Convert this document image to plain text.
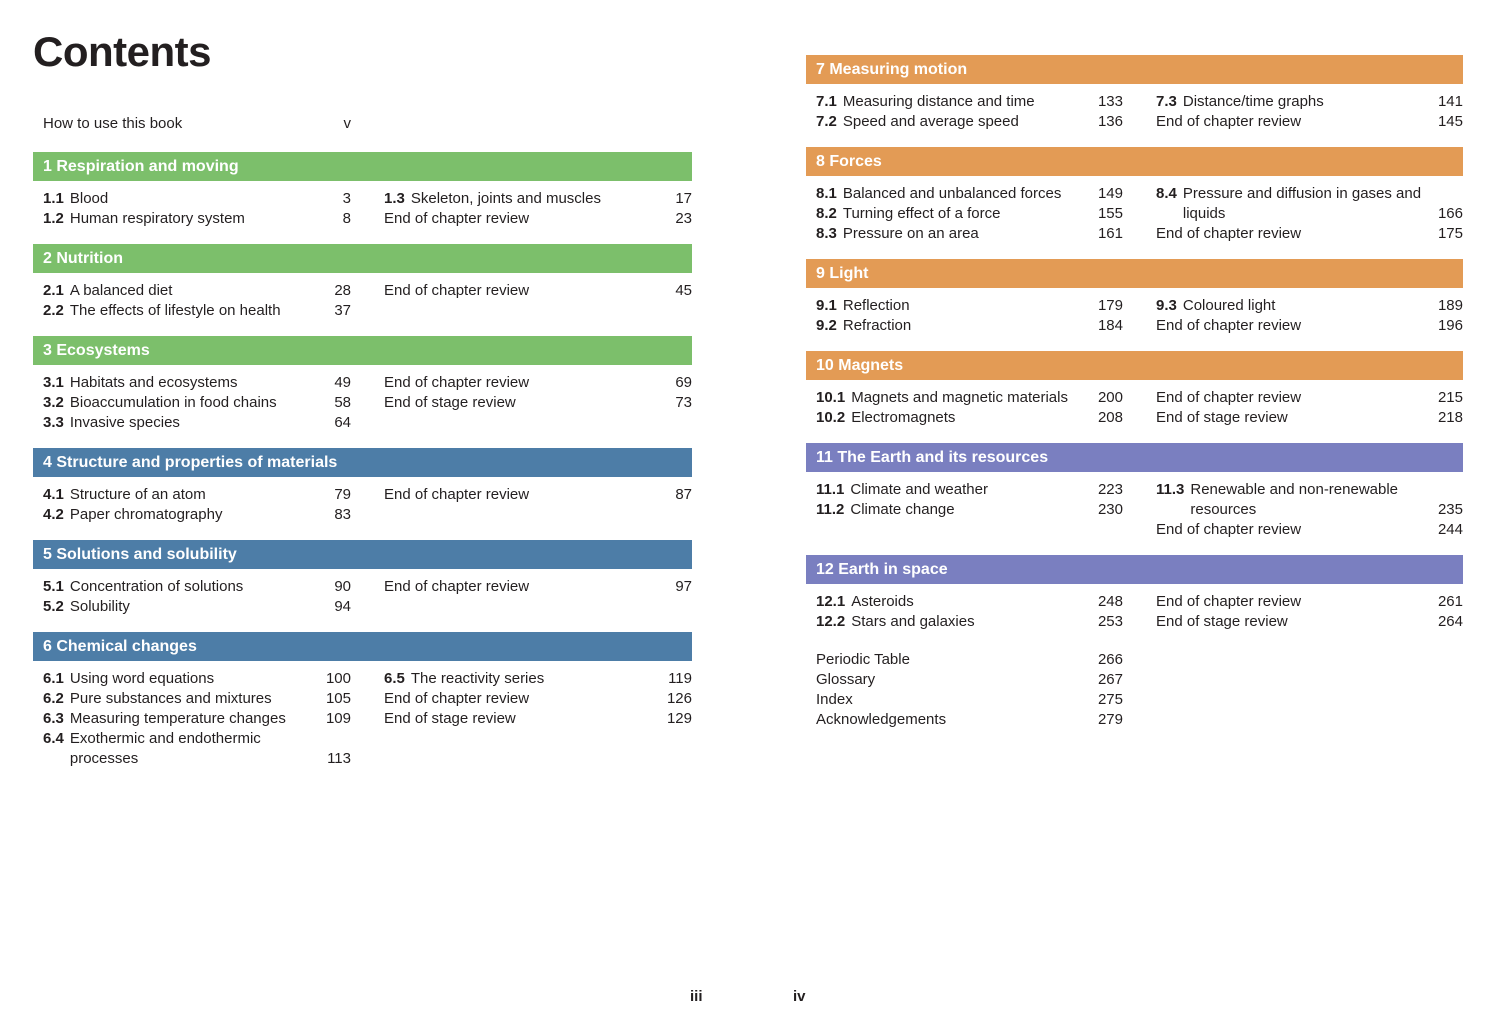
Contents
How to use this book	v
1 Respiration and moving
1.1 Blood	3
1.2 Human respiratory system	8
1.3 Skeleton, joints and muscles	17
End of chapter review	23
2 Nutrition
2.1 A balanced diet	28
2.2 The effects of lifestyle on health	37
End of chapter review	45
3 Ecosystems
3.1 Habitats and ecosystems	49
3.2 Bioaccumulation in food chains	58
3.3 Invasive species	64
End of chapter review	69
End of stage review	73
4 Structure and properties of materials
4.1 Structure of an atom	79
4.2 Paper chromatography	83
End of chapter review	87
5 Solutions and solubility
5.1 Concentration of solutions	90
5.2 Solubility	94
End of chapter review	97
6 Chemical changes
6.1 Using word equations	100
6.2 Pure substances and mixtures	105
6.3 Measuring temperature changes	109
6.4 Exothermic and endothermic processes	113
6.5 The reactivity series	119
End of chapter review	126
End of stage review	129
7 Measuring motion
7.1 Measuring distance and time	133
7.2 Speed and average speed	136
7.3 Distance/time graphs	141
End of chapter review	145
8 Forces
8.1 Balanced and unbalanced forces	149
8.2 Turning effect of a force	155
8.3 Pressure on an area	161
8.4 Pressure and diffusion in gases and liquids	166
End of chapter review	175
9 Light
9.1 Reflection	179
9.2 Refraction	184
9.3 Coloured light	189
End of chapter review	196
10 Magnets
10.1 Magnets and magnetic materials	200
10.2 Electromagnets	208
End of chapter review	215
End of stage review	218
11 The Earth and its resources
11.1 Climate and weather	223
11.2 Climate change	230
11.3 Renewable and non-renewable resources	235
End of chapter review	244
12 Earth in space
12.1 Asteroids	248
12.2 Stars and galaxies	253
End of chapter review	261
End of stage review	264
Periodic Table	266
Glossary	267
Index	275
Acknowledgements	279
iii	iv
